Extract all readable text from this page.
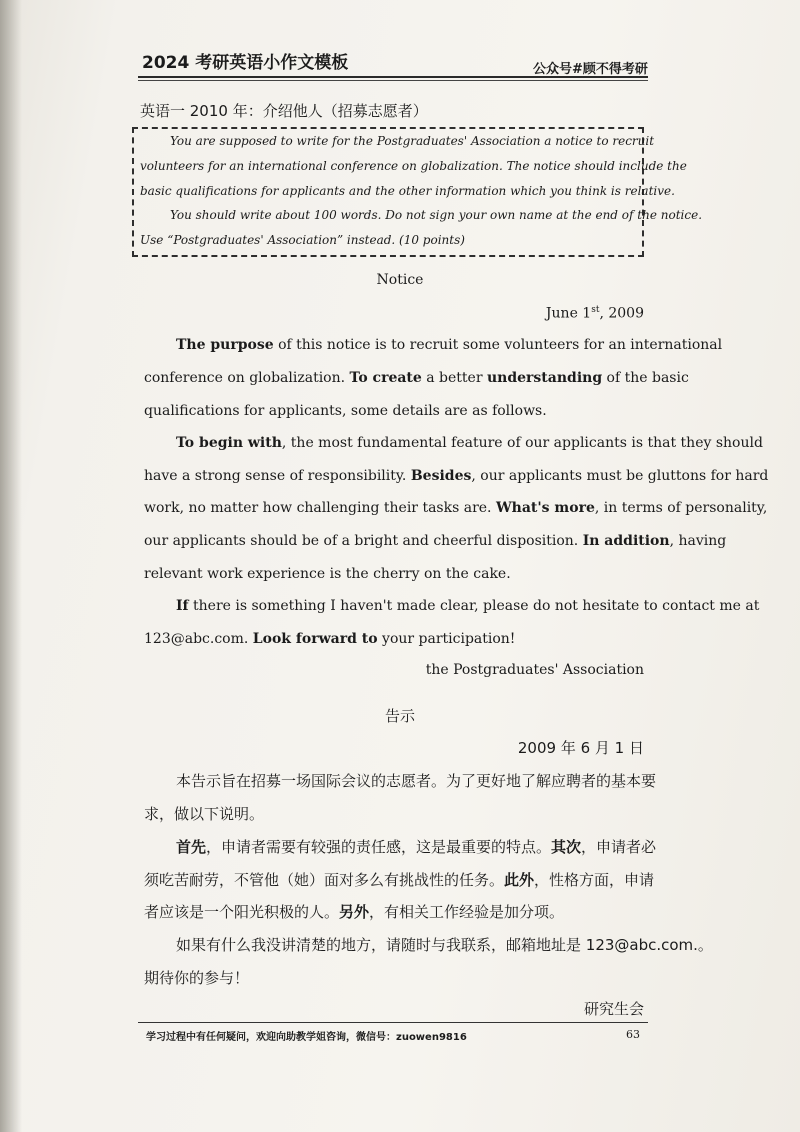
2024 考研英语小作文模板	公众号#顾不得考研
英语一 2010 年：介绍他人（招募志愿者）
You are supposed to write for the Postgraduates' Association a notice to recruit
volunteers for an international conference on globalization. The notice should include the
basic qualifications for applicants and the other information which you think is relative.
You should write about 100 words. Do not sign your own name at the end of the notice.
Use “Postgraduates' Association” instead. (10 points)
Notice
June 1st, 2009
The purpose of this notice is to recruit some volunteers for an international
conference on globalization. To create a better understanding of the basic
qualifications for applicants, some details are as follows.
To begin with, the most fundamental feature of our applicants is that they should
have a strong sense of responsibility. Besides, our applicants must be gluttons for hard
work, no matter how challenging their tasks are. What's more, in terms of personality,
our applicants should be of a bright and cheerful disposition. In addition, having
relevant work experience is the cherry on the cake.
If there is something I haven't made clear, please do not hesitate to contact me at
123@abc.com. Look forward to your participation!
the Postgraduates' Association
告示
2009 年 6 月 1 日
本告示旨在招募一场国际会议的志愿者。为了更好地了解应聘者的基本要
求，做以下说明。
首先，申请者需要有较强的责任感，这是最重要的特点。其次，申请者必
须吃苦耐劳，不管他（她）面对多么有挑战性的任务。此外，性格方面，申请
者应该是一个阳光积极的人。另外，有相关工作经验是加分项。
如果有什么我没讲清楚的地方，请随时与我联系，邮箱地址是 123@abc.com.。
期待你的参与！
研究生会
学习过程中有任何疑问，欢迎向助教学姐咨询，微信号：zuowen9816	63
